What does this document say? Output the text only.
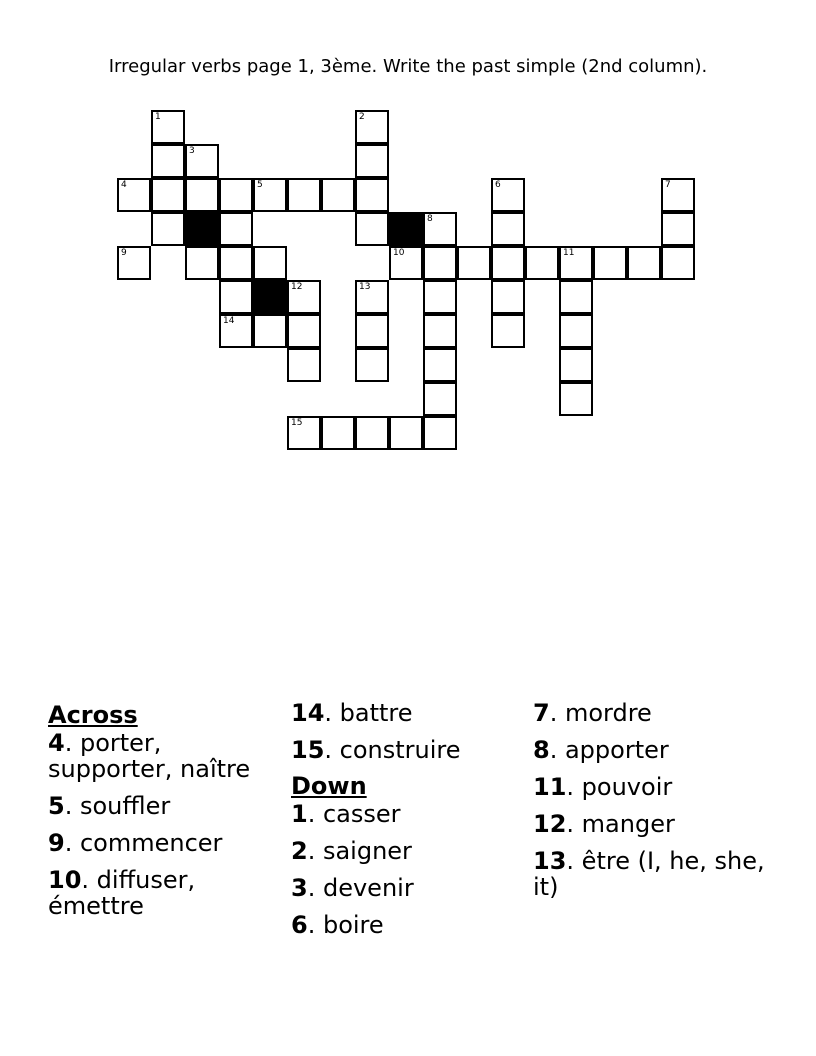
Irregular verbs page 1, 3ème. Write the past simple (2nd column).
1
3
4
9
14
12
5
2
8
10	11
6	7
13
15
Across
4. porter, supporter, naître
5. souffler
9. commencer
10. diffuser, émettre
14. battre
15. construire
Down
1. casser
2. saigner
3. devenir
6. boire
7. mordre
8. apporter
11. pouvoir
12. manger
13. être (I, he, she, it)
